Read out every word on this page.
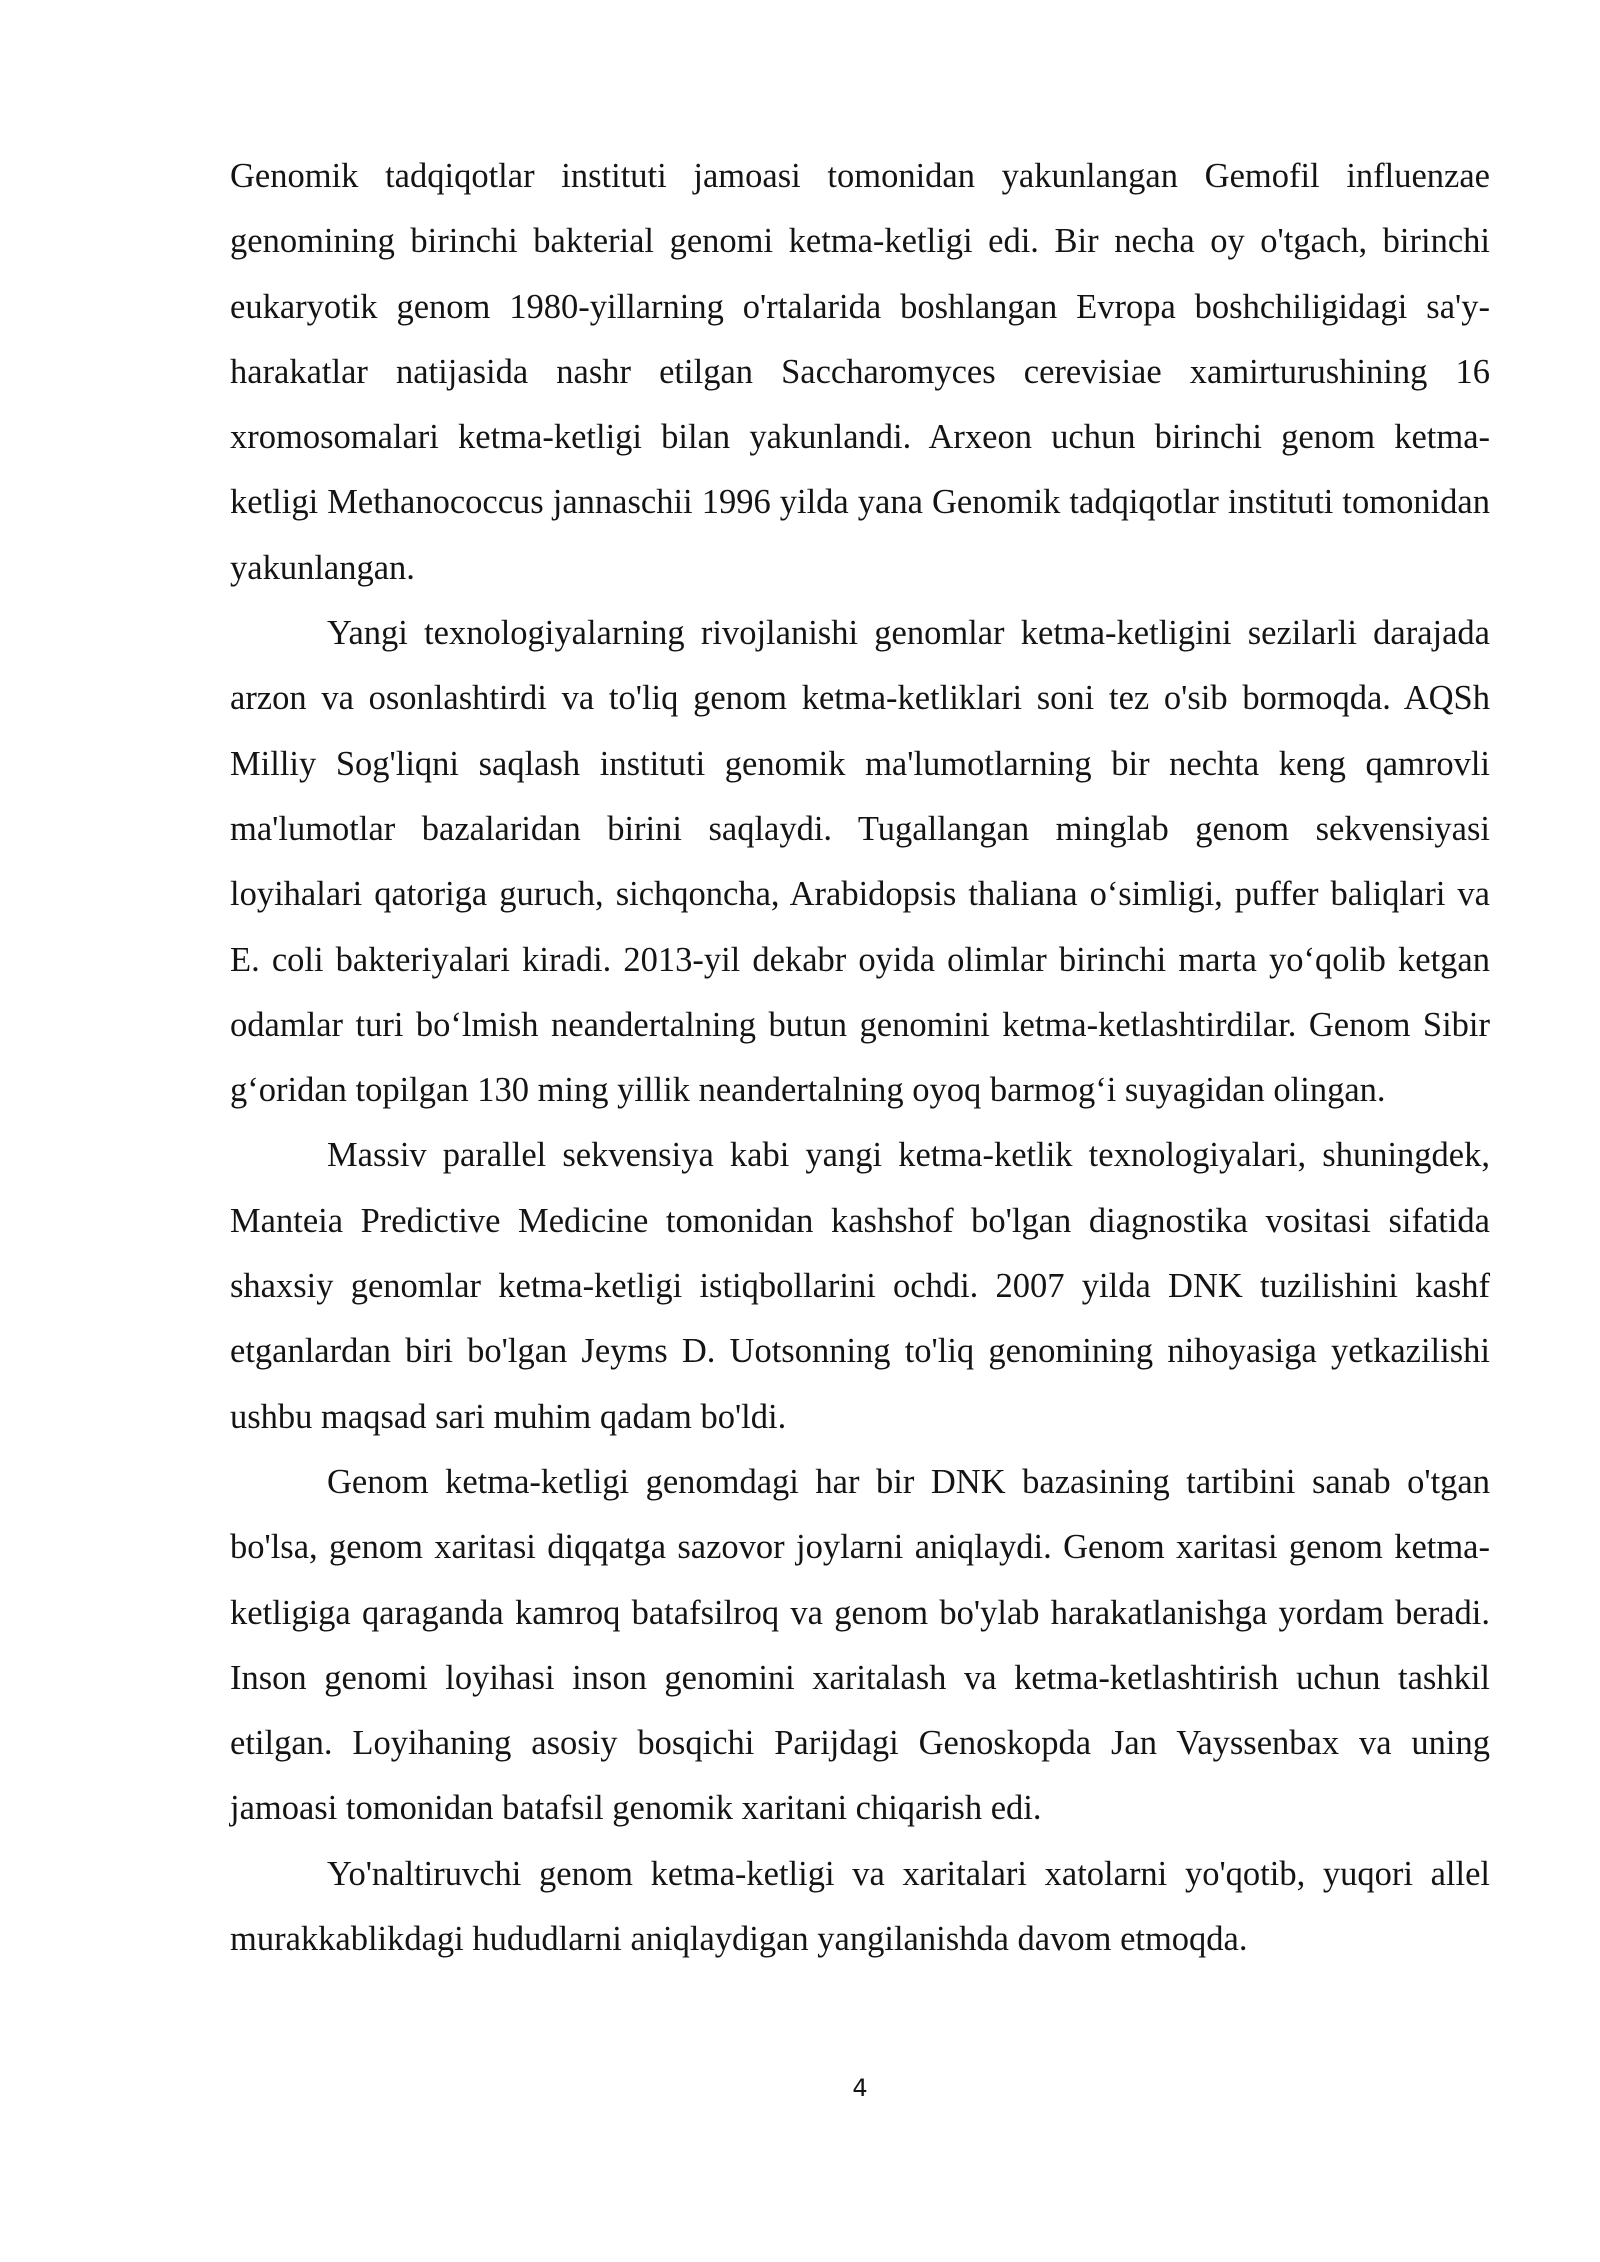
Genomik tadqiqotlar instituti jamoasi tomonidan yakunlangan Gemofil influenzae genomining birinchi bakterial genomi ketma-ketligi edi. Bir necha oy o'tgach, birinchi eukaryotik genom 1980-yillarning o'rtalarida boshlangan Evropa boshchiligidagi sa'y-harakatlar natijasida nashr etilgan Saccharomyces cerevisiae xamirturushining 16 xromosomalari ketma-ketligi bilan yakunlandi. Arxeon uchun birinchi genom ketma-ketligi Methanococcus jannaschii 1996 yilda yana Genomik tadqiqotlar instituti tomonidan yakunlangan.

Yangi texnologiyalarning rivojlanishi genomlar ketma-ketligini sezilarli darajada arzon va osonlashtirdi va to'liq genom ketma-ketliklari soni tez o'sib bormoqda. AQSh Milliy Sog'liqni saqlash instituti genomik ma'lumotlarning bir nechta keng qamrovli ma'lumotlar bazalaridan birini saqlaydi. Tugallangan minglab genom sekvensiyasi loyihalari qatoriga guruch, sichqoncha, Arabidopsis thaliana o‘simligi, puffer baliqlari va E. coli bakteriyalari kiradi. 2013-yil dekabr oyida olimlar birinchi marta yo‘qolib ketgan odamlar turi bo‘lmish neandertalning butun genomini ketma-ketlashtirdilar. Genom Sibir g‘oridan topilgan 130 ming yillik neandertalning oyoq barmog‘i suyagidan olingan.

Massiv parallel sekvensiya kabi yangi ketma-ketlik texnologiyalari, shuningdek, Manteia Predictive Medicine tomonidan kashshof bo'lgan diagnostika vositasi sifatida shaxsiy genomlar ketma-ketligi istiqbollarini ochdi. 2007 yilda DNK tuzilishini kashf etganlardan biri bo'lgan Jeyms D. Uotsonning to'liq genomining nihoyasiga yetkazilishi ushbu maqsad sari muhim qadam bo'ldi.

Genom ketma-ketligi genomdagi har bir DNK bazasining tartibini sanab o'tgan bo'lsa, genom xaritasi diqqatga sazovor joylarni aniqlaydi. Genom xaritasi genom ketma-ketligiga qaraganda kamroq batafsilroq va genom bo'ylab harakatlanishga yordam beradi. Inson genomi loyihasi inson genomini xaritalash va ketma-ketlashtirish uchun tashkil etilgan. Loyihaning asosiy bosqichi Parijdagi Genoskopda Jan Vayssenbax va uning jamoasi tomonidan batafsil genomik xaritani chiqarish edi.

Yo'naltiruvchi genom ketma-ketligi va xaritalari xatolarni yo'qotib, yuqori allel murakkablikdagi hududlarni aniqlaydigan yangilanishda davom etmoqda.

4
